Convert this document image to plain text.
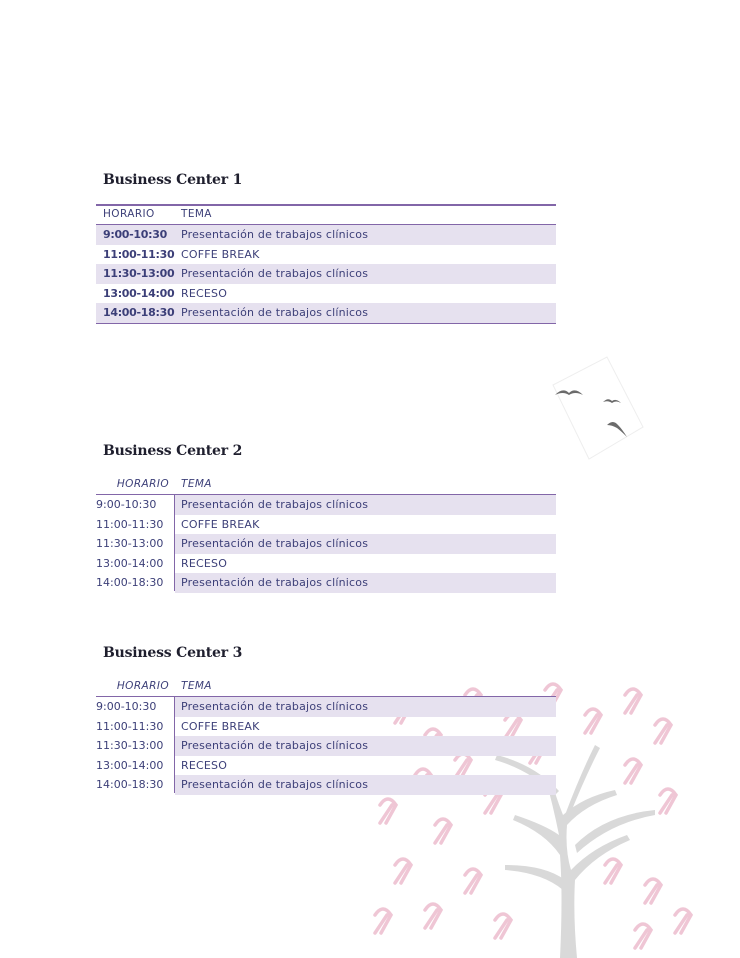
Business Center 1
HORARIO	TEMA
9:00-10:30 Presentación de trabajos clínicos
11:00-11:30 COFFE BREAK
11:30-13:00 Presentación de trabajos clínicos
13:00-14:00 RECESO
14:00-18:30 Presentación de trabajos clínicos
Business Center 2
HORARIO TEMA
9:00-10:30 Presentación de trabajos clínicos
11:00-11:30 COFFE BREAK
11:30-13:00 Presentación de trabajos clínicos
13:00-14:00 RECESO
14:00-18:30 Presentación de trabajos clínicos
Business Center 3
HORARIO TEMA
9:00-10:30 Presentación de trabajos clínicos
11:00-11:30 COFFE BREAK
11:30-13:00 Presentación de trabajos clínicos
13:00-14:00 RECESO
14:00-18:30 Presentación de trabajos clínicos
